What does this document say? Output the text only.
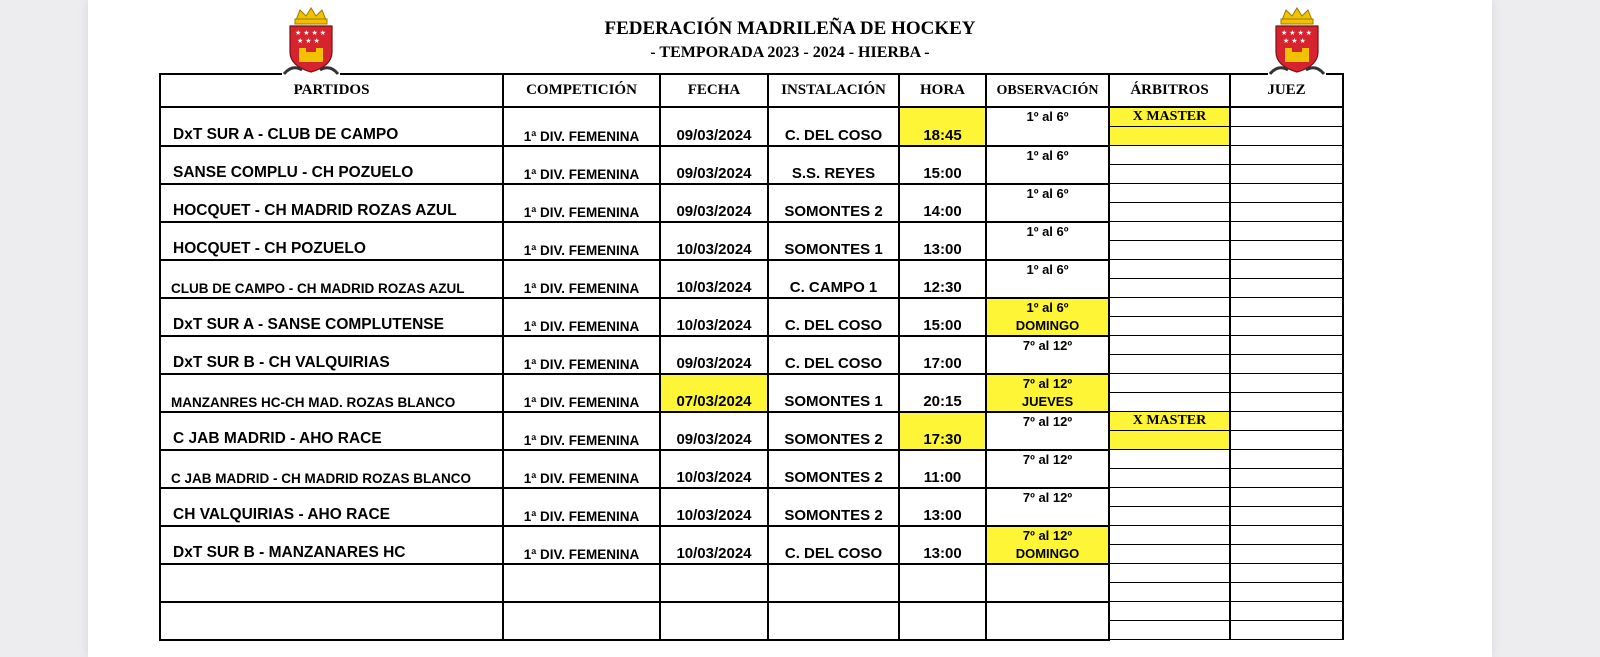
★ ★ ★ ★
★ ★ ★
FEDERACIÓN MADRILEÑA DE HOCKEY
- TEMPORADA 2023 - 2024 - HIERBA -
★ ★ ★ ★
★ ★ ★
PARTIDOS	COMPETICIÓN	FECHA	INSTALACIÓN	HORA	OBSERVACIÓN	ÁRBITROS	JUEZ
DxT SUR A - CLUB DE CAMPO	1ª DIV. FEMENINA	09/03/2024	C. DEL COSO	18:45	1º al 6º	X MASTER	

SANSE COMPLU - CH POZUELO	1ª DIV. FEMENINA	09/03/2024	S.S. REYES	15:00	1º al 6º		

HOCQUET - CH MADRID ROZAS AZUL	1ª DIV. FEMENINA	09/03/2024	SOMONTES 2	14:00	1º al 6º		

HOCQUET - CH POZUELO	1ª DIV. FEMENINA	10/03/2024	SOMONTES 1	13:00	1º al 6º		

CLUB DE CAMPO - CH MADRID ROZAS AZUL	1ª DIV. FEMENINA	10/03/2024	C. CAMPO 1	12:30	1º al 6º		

DxT SUR A - SANSE COMPLUTENSE	1ª DIV. FEMENINA	10/03/2024	C. DEL COSO	15:00	1º al 6º
DOMINGO		

DxT SUR B - CH VALQUIRIAS	1ª DIV. FEMENINA	09/03/2024	C. DEL COSO	17:00	7º al 12º		

MANZANRES HC-CH MAD. ROZAS BLANCO	1ª DIV. FEMENINA	07/03/2024	SOMONTES 1	20:15	7º al 12º
JUEVES		

C JAB MADRID - AHO RACE	1ª DIV. FEMENINA	09/03/2024	SOMONTES 2	17:30	7º al 12º	X MASTER	

C JAB MADRID - CH MADRID ROZAS BLANCO	1ª DIV. FEMENINA	10/03/2024	SOMONTES 2	11:00	7º al 12º		

CH VALQUIRIAS - AHO RACE	1ª DIV. FEMENINA	10/03/2024	SOMONTES 2	13:00	7º al 12º		

DxT SUR B - MANZANARES HC	1ª DIV. FEMENINA	10/03/2024	C. DEL COSO	13:00	7º al 12º
DOMINGO		
